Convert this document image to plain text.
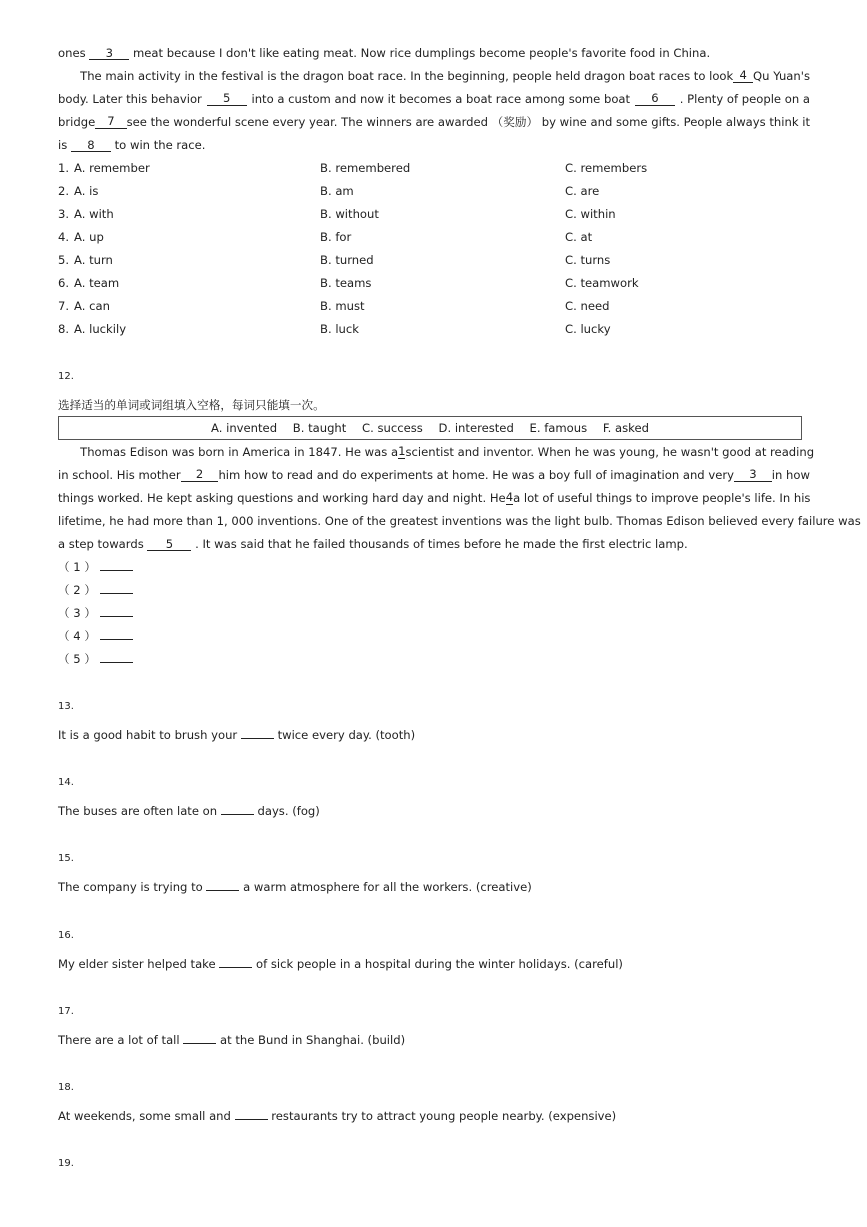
ones 3 meat because I don't like eating meat. Now rice dumplings become people's favorite food in China.
The main activity in the festival is the dragon boat race. In the beginning, people held dragon boat races to look 4 Qu Yuan's
body. Later this behavior	5	into a custom and now it becomes a boat race among some boat	6	. Plenty of people on a
bridge	7	see the wonderful scene every year. The winners are awarded （奖励） by wine and some gifts. People always think it
is 8 to win the race.
1. A. remember	B. remembered	C. remembers
2. A. is	B. am	C. are
3. A. with	B. without	C. within
4. A. up	B. for	C. at
5. A. turn	B. turned	C. turns
6. A. team	B. teams	C. teamwork
7. A. can	B. must	C. need
8. A. luckily	B. luck	C. lucky
12.
选择适当的单词或词组填入空格，每词只能填一次。
A. invented B. taught C. success D. interested E. famous F. asked
Thomas Edison was born in America in 1847. He was a 1 scientist and inventor. When he was young, he wasn't good at reading
in school. His mother	2	him how to read and do experiments at home. He was a boy full of imagination and very	3	in how
things worked. He kept asking questions and working hard day and night. He 4 a lot of useful things to improve people's life. In his
lifetime, he had more than 1, 000 inventions. One of the greatest inventions was the light bulb. Thomas Edison believed every failure was
a step towards 5 . It was said that he failed thousands of times before he made the first electric lamp.
（ 1 ）
（ 2 ）
（ 3 ）
（ 4 ）
（ 5 ）
13.
It is a good habit to brush your	twice every day. (tooth)
14.
The buses are often late on	days. (fog)
15.
The company is trying to	a warm atmosphere for all the workers. (creative)
16.
My elder sister helped take	of sick people in a hospital during the winter holidays. (careful)
17.
There are a lot of tall	at the Bund in Shanghai. (build)
18.
At weekends, some small and	restaurants try to attract young people nearby. (expensive)
19.
